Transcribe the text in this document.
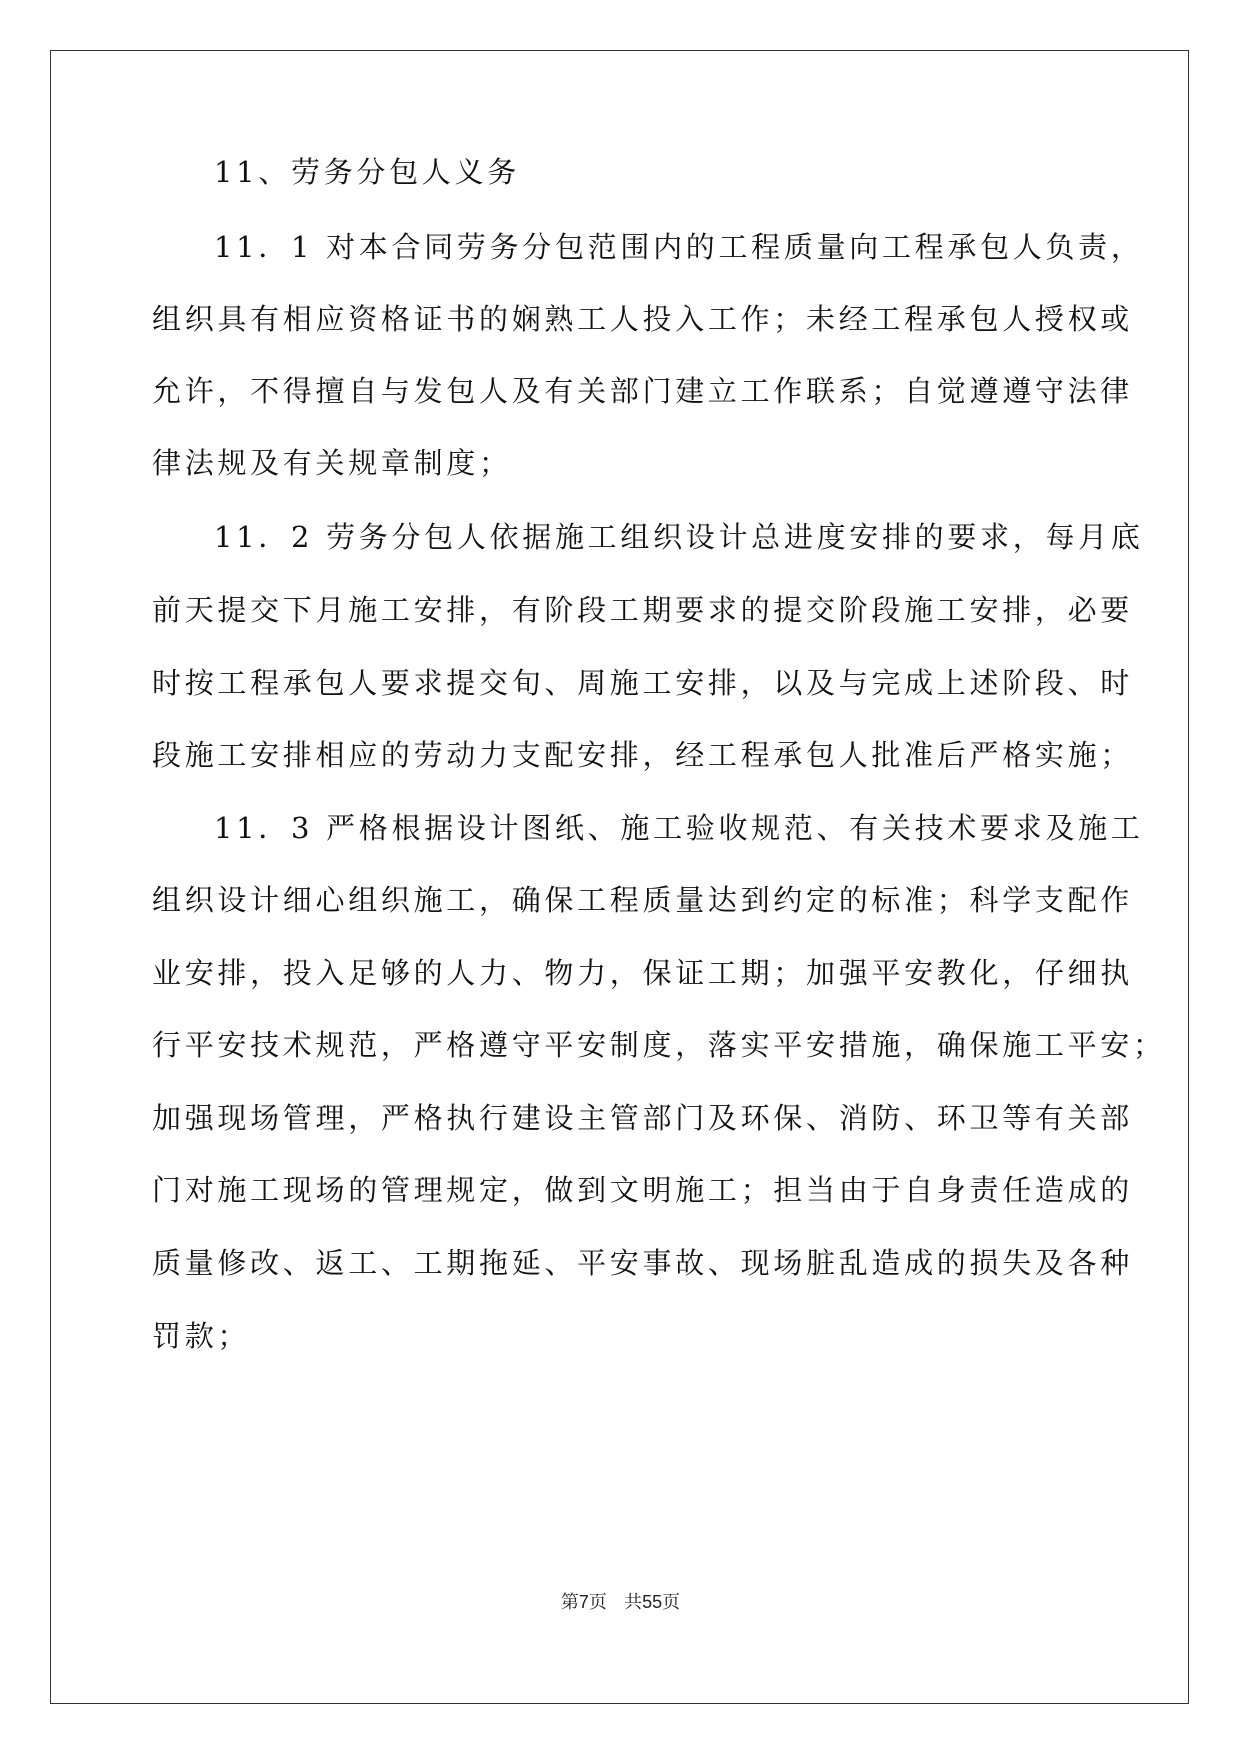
11、劳务分包人义务
11．1 对本合同劳务分包范围内的工程质量向工程承包人负责，
组织具有相应资格证书的娴熟工人投入工作；未经工程承包人授权或
允许，不得擅自与发包人及有关部门建立工作联系；自觉遵遵守法律
律法规及有关规章制度；
11．2 劳务分包人依据施工组织设计总进度安排的要求，每月底
前天提交下月施工安排，有阶段工期要求的提交阶段施工安排，必要
时按工程承包人要求提交旬、周施工安排，以及与完成上述阶段、时
段施工安排相应的劳动力支配安排，经工程承包人批准后严格实施；
11．3 严格根据设计图纸、施工验收规范、有关技术要求及施工
组织设计细心组织施工，确保工程质量达到约定的标准；科学支配作
业安排，投入足够的人力、物力，保证工期；加强平安教化，仔细执
行平安技术规范，严格遵守平安制度，落实平安措施，确保施工平安；
加强现场管理，严格执行建设主管部门及环保、消防、环卫等有关部
门对施工现场的管理规定，做到文明施工；担当由于自身责任造成的
质量修改、返工、工期拖延、平安事故、现场脏乱造成的损失及各种
罚款；
第7页 共55页
